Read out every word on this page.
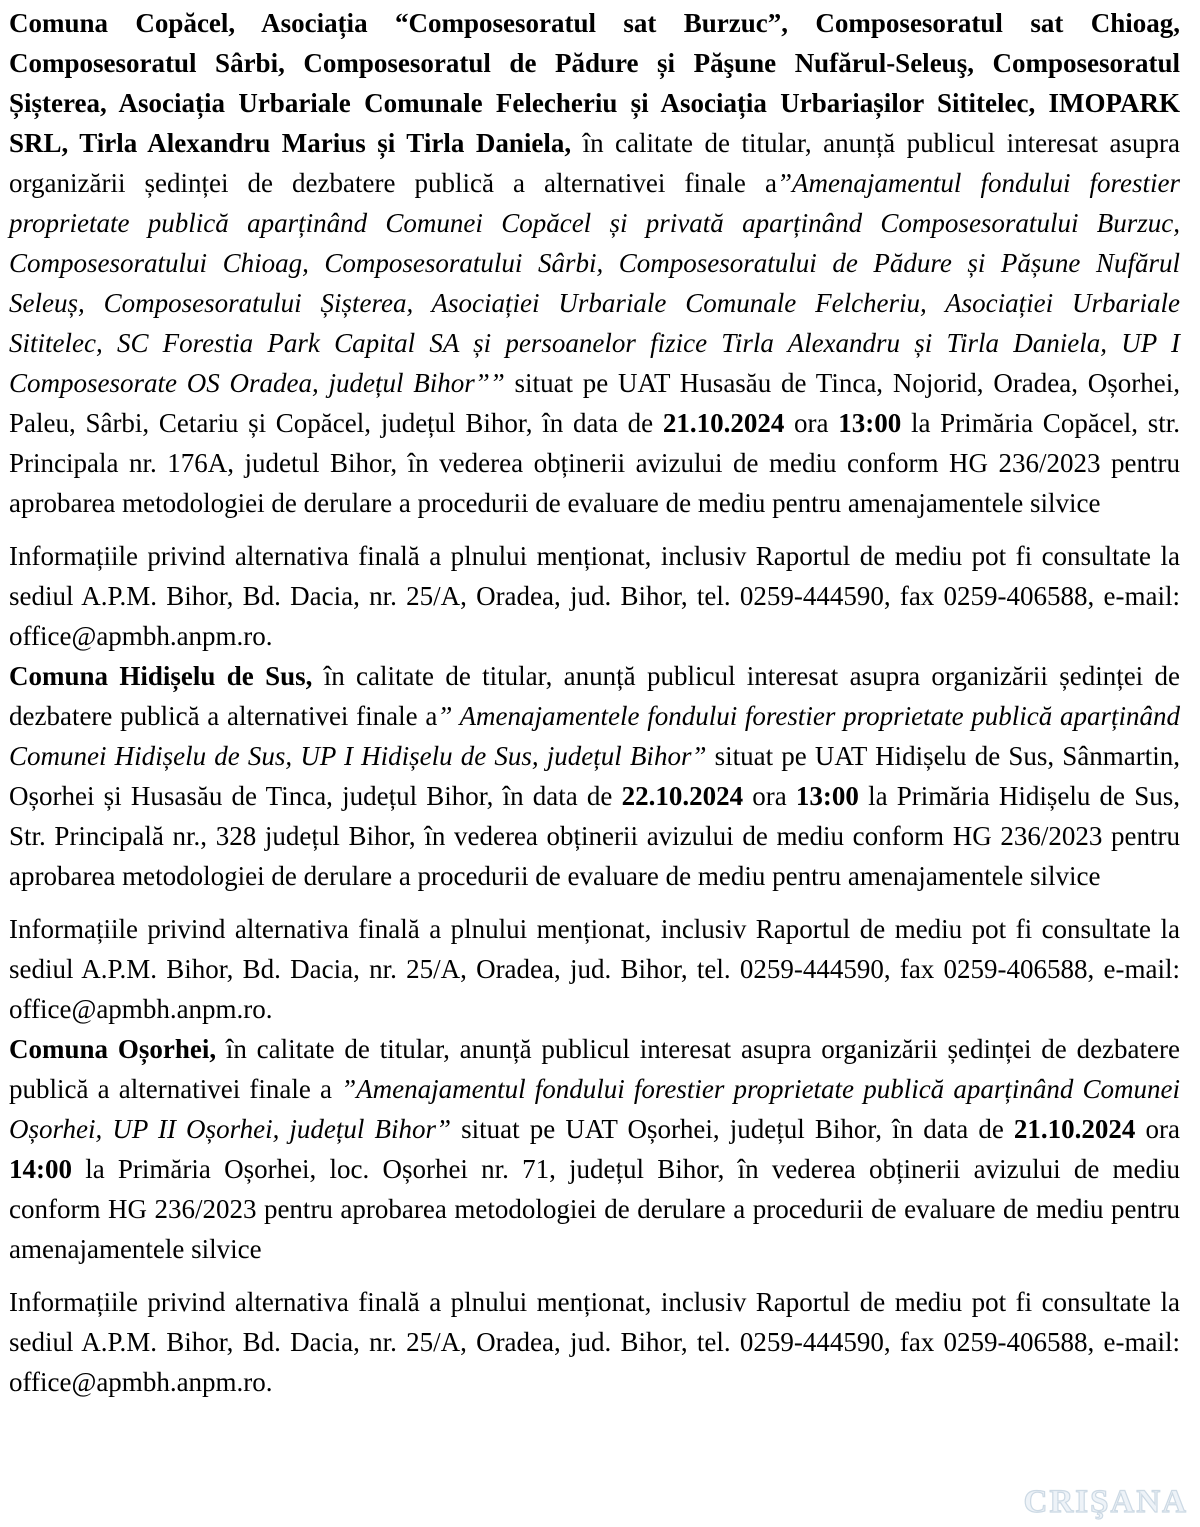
Comuna Copăcel, Asociația “Composesoratul sat Burzuc”, Composesoratul sat Chioag, Composesoratul Sârbi, Composesoratul de Pădure și Păşune Nufărul-Seleuş, Composesoratul Șișterea, Asociația Urbariale Comunale Felecheriu și Asociația Urbariașilor Sititelec, IMOPARK SRL, Tirla Alexandru Marius și Tirla Daniela, în calitate de titular, anunță publicul interesat asupra organizării ședinței de dezbatere publică a alternativei finale a”Amenajamentul fondului forestier proprietate publică aparținând Comunei Copăcel și privată aparținând Composesoratului Burzuc, Composesoratului Chioag, Composesoratului Sârbi, Composesoratului de Pădure și Pășune Nufărul Seleuș, Composesoratului Șișterea, Asociației Urbariale Comunale Felcheriu, Asociației Urbariale Sititelec, SC Forestia Park Capital SA și persoanelor fizice Tirla Alexandru și Tirla Daniela, UP I Composesorate OS Oradea, județul Bihor”” situat pe UAT Husasău de Tinca, Nojorid, Oradea, Oșorhei, Paleu, Sârbi, Cetariu și Copăcel, județul Bihor, în data de 21.10.2024 ora 13:00 la Primăria Copăcel, str. Principala nr. 176A, judetul Bihor, în vederea obținerii avizului de mediu conform HG 236/2023 pentru aprobarea metodologiei de derulare a procedurii de evaluare de mediu pentru amenajamentele silvice

Informațiile privind alternativa finală a plnului menționat, inclusiv Raportul de mediu pot fi consultate la sediul A.P.M. Bihor, Bd. Dacia, nr. 25/A, Oradea, jud. Bihor, tel. 0259-444590, fax 0259-406588, e-mail: office@apmbh.anpm.ro.

Comuna Hidișelu de Sus, în calitate de titular, anunță publicul interesat asupra organizării ședinței de dezbatere publică a alternativei finale a” Amenajamentele fondului forestier proprietate publică aparținând Comunei Hidișelu de Sus, UP I Hidișelu de Sus, județul Bihor” situat pe UAT Hidișelu de Sus, Sânmartin, Oșorhei și Husasău de Tinca, județul Bihor, în data de 22.10.2024 ora 13:00 la Primăria Hidișelu de Sus, Str. Principală nr., 328 județul Bihor, în vederea obținerii avizului de mediu conform HG 236/2023 pentru aprobarea metodologiei de derulare a procedurii de evaluare de mediu pentru amenajamentele silvice

Informațiile privind alternativa finală a plnului menționat, inclusiv Raportul de mediu pot fi consultate la sediul A.P.M. Bihor, Bd. Dacia, nr. 25/A, Oradea, jud. Bihor, tel. 0259-444590, fax 0259-406588, e-mail: office@apmbh.anpm.ro.

Comuna Oșorhei, în calitate de titular, anunță publicul interesat asupra organizării ședinței de dezbatere publică a alternativei finale a ”Amenajamentul fondului forestier proprietate publică aparținând Comunei Oșorhei, UP II Oșorhei, județul Bihor” situat pe UAT Oșorhei, județul Bihor, în data de 21.10.2024 ora 14:00 la Primăria Oșorhei, loc. Oșorhei nr. 71, județul Bihor, în vederea obținerii avizului de mediu conform HG 236/2023 pentru aprobarea metodologiei de derulare a procedurii de evaluare de mediu pentru amenajamentele silvice

Informațiile privind alternativa finală a plnului menționat, inclusiv Raportul de mediu pot fi consultate la sediul A.P.M. Bihor, Bd. Dacia, nr. 25/A, Oradea, jud. Bihor, tel. 0259-444590, fax 0259-406588, e-mail: office@apmbh.anpm.ro.

CRIŞANA
